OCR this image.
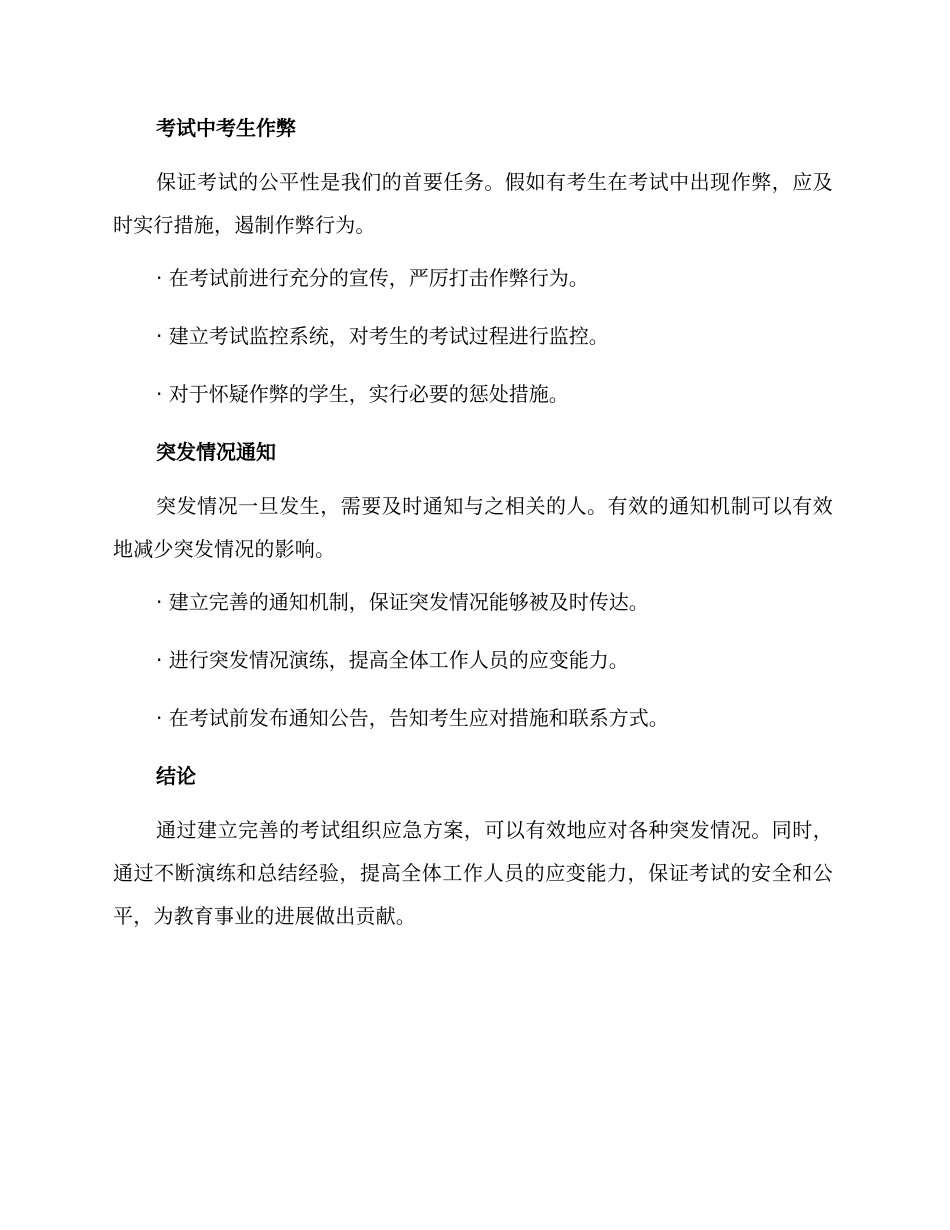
考试中考生作弊

保证考试的公平性是我们的首要任务。假如有考生在考试中出现作弊，应及时实行措施，遏制作弊行为。

· 在考试前进行充分的宣传，严厉打击作弊行为。
· 建立考试监控系统，对考生的考试过程进行监控。
· 对于怀疑作弊的学生，实行必要的惩处措施。
突发情况通知

突发情况一旦发生，需要及时通知与之相关的人。有效的通知机制可以有效地减少突发情况的影响。

· 建立完善的通知机制，保证突发情况能够被及时传达。
· 进行突发情况演练，提高全体工作人员的应变能力。
· 在考试前发布通知公告，告知考生应对措施和联系方式。
结论

通过建立完善的考试组织应急方案，可以有效地应对各种突发情况。同时，通过不断演练和总结经验，提高全体工作人员的应变能力，保证考试的安全和公平，为教育事业的进展做出贡献。
